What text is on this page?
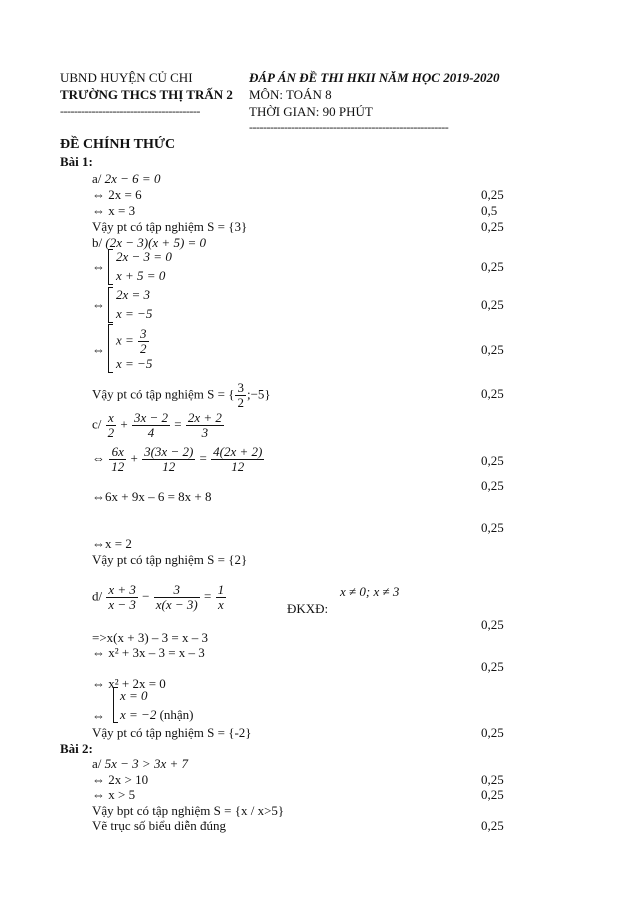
UBND HUYỆN CỦ CHI
TRƯỜNG THCS THỊ TRẤN 2
----------------------------------------
ĐÁP ÁN ĐỀ THI HKII NĂM HỌC 2019-2020
MÔN: TOÁN 8
THỜI GIAN: 90 PHÚT
---------------------------------------------------------
ĐỀ CHÍNH THỨC
Bài 1:
a/ 2x − 6 = 0
⇔ 2x = 6
⇔ x = 3
Vậy pt có tập nghiệm S = {3}
b/ (2x − 3)(x + 5) = 0
⇔
2x − 3 = 0
x + 5 = 0
⇔
2x = 3
x = −5
⇔
$x = \frac{3}{2}$
x = −5
Vậy pt có tập nghiệm S = { $\frac{3}{2}$ ;−5}
$c/ \frac{x}{2} + \frac{3x - 2}{4} = \frac{2x + 2}{3}$
⇔ $\frac{6x}{12} + \frac{3(3x - 2)}{12} = \frac{4(2x + 2)}{12}$
⇔6x + 9x – 6 = 8x + 8
⇔x = 2
Vậy pt có tập nghiệm S = {2}
$d/ \frac{x + 3}{x - 3} - \frac{3}{x(x - 3)} = \frac{1}{x}$	x ≠ 0; x ≠ 3
ĐKXĐ:
=>x(x + 3) – 3 = x – 3
⇔ x² + 3x – 3 = x – 3
⇔ x² + 2x = 0
⇔
x = 0
x = −2 (nhận)
Vậy pt có tập nghiệm S = {-2}
Bài 2:
a/ 5x − 3 > 3x + 7
⇔ 2x > 10
⇔ x > 5
Vậy bpt có tập nghiệm S = {x / x>5}
Vẽ trục số biểu diễn đúng
0,25
0,5
0,25
0,25
0,25
0,25
0,25
0,25
0,25
0,25
0,25
0,25
0,25
0,25
0,25
0,25
